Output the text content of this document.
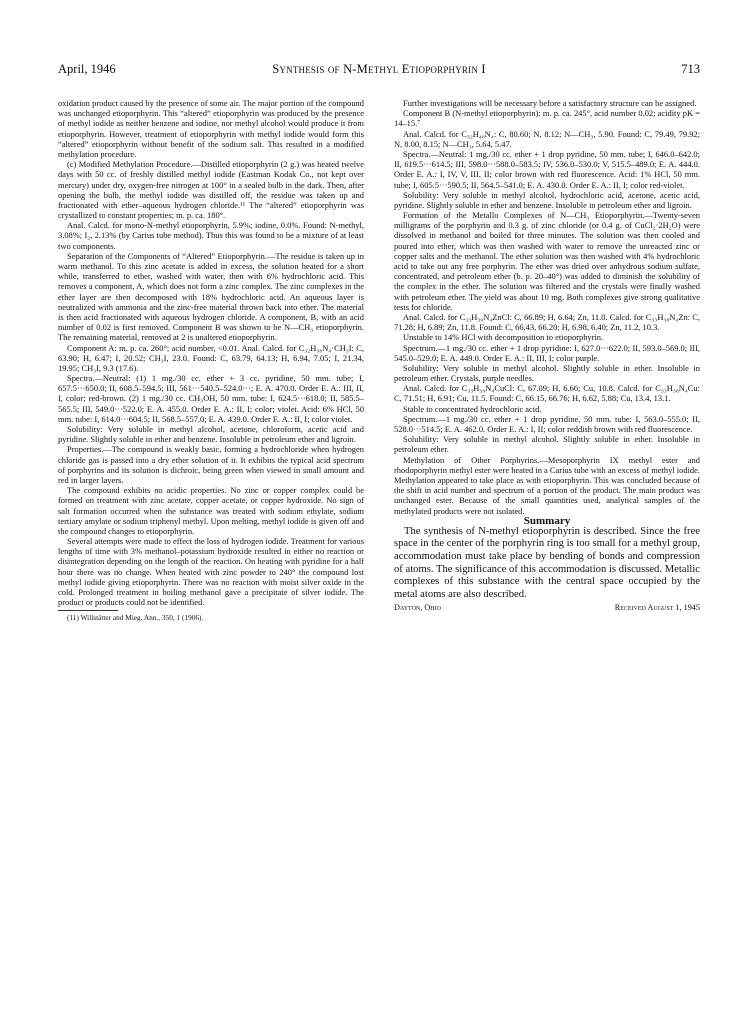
April, 1946	Synthesis of N-Methyl Etioporphyrin I	713

oxidation product caused by the presence of some air. The major portion of the compound was unchanged etioporphyrin. This “altered” etioporphyrin was produced by the presence of methyl iodide as neither benzene and iodine, nor methyl alcohol would produce it from etioporphyrin. However, treatment of etioporphyrin with methyl iodide would form this “altered” etioporphyrin without benefit of the sodium salt. This resulted in a modified methylation procedure.

(c) Modified Methylation Procedure.—Distilled etioporphyrin (2 g.) was heated twelve days with 50 cc. of freshly distilled methyl iodide (Eastman Kodak Co., not kept over mercury) under dry, oxygen-free nitrogen at 100° in a sealed bulb in the dark. Then, after opening the bulb, the methyl iodide was distilled off, the residue was taken up and fractionated with ether–aqueous hydrogen chloride.¹¹ The “altered” etioporphyrin was crystallized to constant properties; m. p. ca. 180°.

Anal. Calcd. for mono-N-methyl etioporphyrin, 5.9%; iodine, 0.0%. Found: N-methyl, 3.08%; I₂, 2.13% (by Carius tube method). Thus this was found to be a mixture of at least two components.

Separation of the Components of “Altered” Etioporphyrin.—The residue is taken up in warm methanol. To this zinc acetate is added in excess, the solution heated for a short while, transferred to ether, washed with water, then with 6% hydrochloric acid. This removes a component, A, which does not form a zinc complex. The zinc complexes in the ether layer are then decomposed with 18% hydrochloric acid. An aqueous layer is neutralized with ammonia and the zinc-free material thrown back into ether. The material is then acid fractionated with aqueous hydrogen chloride. A component, B, with an acid number of 0.02 is first removed. Component B was shown to be N—CH₃ etioporphyrin. The remaining material, removed at 2 is unaltered etioporphyrin.

Component A: m. p. ca. 260°; acid number, <0.01. Anal. Calcd. for C₃₂H₃₈N₄·CH₃I: C, 63.90; H, 6.47; I, 20.52; CH₃I, 23.0. Found: C, 63.79, 64.13; H, 6.94, 7.05; I, 21.34, 19.95; CH₃I, 9.3 (17.6).

Spectra.—Neutral: (1) 1 mg./30 cc. ether + 3 cc. pyridine, 50 mm. tube; I, 657.5···650.0; II, 608.5–594.5; III, 561···540.5–524.0···; E. A. 470.0. Order E. A.: III, II, I, color; red-brown. (2) 1 mg./30 cc. CH₃OH, 50 mm. tube: I, 624.5···618.0; II, 585.5–565.5; III, 549.0···522.0; E. A. 455.0. Order E. A.: II, I; color; violet. Acid: 6% HCl, 50 mm. tube: I, 614.0···604.5; II, 568.5–557.0; E. A. 439.0. Order E. A.: II, I; color violet.

Solubility: Very soluble in methyl alcohol, acetone, chloroform, acetic acid and pyridine. Slightly soluble in ether and benzene. Insoluble in petroleum ether and ligroin.

Properties.—The compound is weakly basic, forming a hydrochloride when hydrogen chloride gas is passed into a dry ether solution of it. It exhibits the typical acid spectrum of porphyrins and its solution is dichroic, being green when viewed in small amount and red in larger layers.

The compound exhibits no acidic properties. No zinc or copper complex could be formed on treatment with zinc acetate, copper acetate, or copper hydroxide. No sign of salt formation occurred when the substance was treated with sodium ethylate, sodium tertiary amylate or sodium triphenyl methyl. Upon melting, methyl iodide is given off and the compound changes to etioporphyrin.

Several attempts were made to effect the loss of hydrogen iodide. Treatment for various lengths of time with 3% methanol–potassium hydroxide resulted in either no reaction or disintegration depending on the length of the reaction. On heating with pyridine for a half hour there was no change. When heated with zinc powder to 240° the compound lost methyl iodide giving etioporphyrin. There was no reaction with moist silver oxide in the cold. Prolonged treatment in boiling methanol gave a precipitate of silver iodide. The product or products could not be identified.

(11) Willstätter and Mieg. Ann., 350, 1 (1906).

Further investigations will be necessary before a satisfactory structure can be assigned.

Component B (N-methyl etioporphyrin): m. p. ca. 245°, acid number 0.02; acidity pK = 14–15.⁷

Anal. Calcd. for C₃₂H₄₀N₄: C, 80.60; N, 8.12; N—CH₃, 5.90. Found: C, 79.49, 79.92; N, 8.00, 8.15; N—CH₃, 5.64, 5.47.

Spectra.—Neutral: 1 mg./30 cc. ether + 1 drop pyridine, 50 mm. tube; I, 646.0–642.0; II, 619.5···614.5; III, 598.0···588.0–583.5; IV, 536.0–530.0; V, 515.5–489.0; E. A. 444.0. Order E. A.: I, IV, V, III, II; color brown with red fluorescence. Acid: 1% HCl, 50 mm. tube; I, 605.5···590.5; II, 564.5–541.0; E. A. 430.0. Order E. A.: II, I; color red-violet.

Solubility: Very soluble in methyl alcohol, hydrochloric acid, acetone, acetic acid, pyridine. Slightly soluble in ether and benzene. Insoluble in petroleum ether and ligroin.

Formation of the Metallo Complexes of N—CH₃ Etioporphyrin.—Twenty-seven milligrams of the porphyrin and 0.3 g. of zinc chloride (or 0.4 g. of CuCl₂·2H₂O) were dissolved in methanol and boiled for three minutes. The solution was then cooled and poured into ether, which was then washed with water to remove the unreacted zinc or copper salts and the methanol. The ether solution was then washed with 4% hydrochloric acid to take out any free porphyrin. The ether was dried over anhydrous sodium sulfate, concentrated, and petroleum ether (b. p. 20–40°) was added to diminish the solubility of the complex in the ether. The solution was filtered and the crystals were finally washed with petroleum ether. The yield was about 10 mg. Both complexes give strong qualitative tests for chloride.

Anal. Calcd. for C₃₃H₃₉N₄ZnCl: C, 66.89; H, 6.64; Zn, 11.0. Calcd. for C₃₃H₃₈N₄Zn: C, 71.28; H, 6.89; Zn, 11.8. Found: C, 66.43, 66.20; H, 6.98, 6.40; Zn, 11.2, 10.3.

Unstable to 14% HCl with decomposition to etioporphyrin.

Spectrum.—1 mg./30 cc. ether + 1 drop pyridine: I, 627.0···622.0; II, 593.0–569.0; III, 545.0–529.0; E. A. 449.0. Order E. A.: II, III, I; color purple.

Solubility: Very soluble in methyl alcohol. Slightly soluble in ether. Insoluble in petroleum ether. Crystals, purple needles.

Anal. Calcd. for C₃₃H₃₉N₄CuCl: C, 67.09; H, 6.66; Cu, 10.8. Calcd. for C₃₃H₃₈N₄Cu: C, 71.51; H, 6.91; Cu, 11.5. Found: C, 66.15, 66.76; H, 6.62, 5.88; Cu, 13.4, 13.1.

Stable to concentrated hydrochloric acid.

Spectrum.—1 mg./30 cc. ether + 1 drop pyridine, 50 mm. tube: I, 563.0–555.0; II, 528.0···514.5; E. A. 462.0. Order E. A.: I, II; color reddish brown with red fluorescence.

Solubility: Very soluble in methyl alcohol. Slightly soluble in ether. Insoluble in petroleum ether.

Methylation of Other Porphyrins.—Mesoporphyrin IX methyl ester and rhodoporphyrin methyl ester were heated in a Carius tube with an excess of methyl iodide. Methylation appeared to take place as with etioporphyrin. This was concluded because of the shift in acid number and spectrum of a portion of the product. The main product was unchanged ester. Because of the small quantities used, analytical samples of the methylated products were not isolated.

Summary

The synthesis of N-methyl etioporphyrin is described. Since the free space in the center of the porphyrin ring is too small for a methyl group, accommodation must take place by bending of bonds and compression of atoms. The significance of this accommodation is discussed. Metallic complexes of this substance with the central space occupied by the metal atoms are also described.

Dayton, Ohio	Received August 1, 1945
